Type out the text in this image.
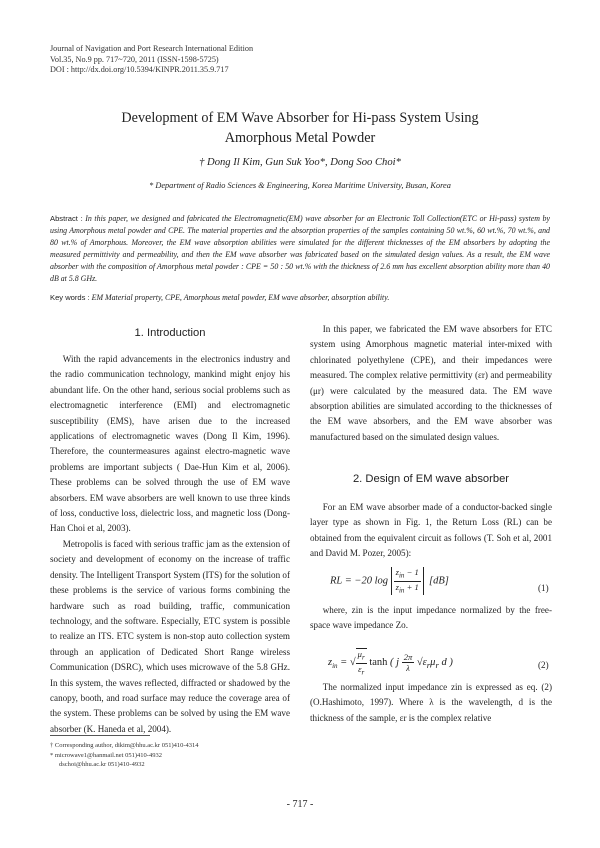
Journal of Navigation and Port Research International Edition
Vol.35, No.9 pp. 717~720, 2011 (ISSN-1598-5725)
DOI : http://dx.doi.org/10.5394/KINPR.2011.35.9.717
Development of EM Wave Absorber for Hi-pass System Using
Amorphous Metal Powder
† Dong Il Kim, Gun Suk Yoo*, Dong Soo Choi*
* Department of Radio Sciences & Engineering, Korea Maritime University, Busan, Korea
Abstract : In this paper, we designed and fabricated the Electromagnetic(EM) wave absorber for an Electronic Toll Collection(ETC or Hi-pass) system by using Amorphous metal powder and CPE. The material properties and the absorption properties of the samples containing 50 wt.%, 60 wt.%, 70 wt.%, and 80 wt.% of Amorphous. Moreover, the EM wave absorption abilities were simulated for the different thicknesses of the EM absorbers by adopting the measured permittivity and permeability, and then the EM wave absorber was fabricated based on the simulated design values. As a result, the EM wave absorber with the composition of Amorphous metal powder : CPE = 50 : 50 wt.% with the thickness of 2.6 mm has excellent absorption ability more than 40 dB at 5.8 GHz.
Key words : EM Material property, CPE, Amorphous metal powder, EM wave absorber, absorption ability.
1. Introduction

With the rapid advancements in the electronics industry and the radio communication technology, mankind might enjoy his abundant life. On the other hand, serious social problems such as electromagnetic interference (EMI) and electromagnetic susceptibility (EMS), have arisen due to the increased applications of electromagnetic waves (Dong Il Kim, 1996). Therefore, the countermeasures against electro-magnetic wave problems are important subjects ( Dae-Hun Kim et al, 2006). These problems can be solved through the use of EM wave absorbers. EM wave absorbers are well known to use three kinds of loss, conductive loss, dielectric loss, and magnetic loss (Dong-Han Choi et al, 2003).

Metropolis is faced with serious traffic jam as the extension of society and development of economy on the increase of traffic density. The Intelligent Transport System (ITS) for the solution of these problems is the service of various forms combining the hardware such as road building, traffic, communication technology, and the software. Especially, ETC system is possible to realize an ITS. ETC system is non-stop auto collection system through an application of Dedicated Short Range wireless Communication (DSRC), which uses microwave of the 5.8 GHz. In this system, the waves reflected, diffracted or shadowed by the canopy, booth, and road surface may reduce the coverage area of the system. These problems can be solved by using the EM wave absorber (K. Haneda et al, 2004).

In this paper, we fabricated the EM wave absorbers for ETC system using Amorphous magnetic material inter-mixed with chlorinated polyethylene (CPE), and their impedances were measured. The complex relative permittivity (εr) and permeability (μr) were calculated by the measured data. The EM wave absorption abilities are simulated according to the thicknesses of the EM wave absorbers, and the EM wave absorber was manufactured based on the simulated design values.

2. Design of EM wave absorber

For an EM wave absorber made of a conductor-backed single layer type as shown in Fig. 1, the Return Loss (RL) can be obtained from the equivalent circuit as follows (T. Soh et al, 2001 and David M. Pozer, 2005):

RL = −20 $\log \frac{z_{in} - 1}{z_{in} + 1} [dB]$
(1)

where, zin is the input impedance normalized by the free-space wave impedance Zo.

$z_{in}$ = √ $\frac{\mu_r}{\varepsilon_r}$ tanh ( j $\frac{2\pi}{\lambda} √\varepsilon_r\mu_r$ d )	(2)

The normalized input impedance zin is expressed as eq. (2) (O.Hashimoto, 1997). Where λ is the wavelength, d is the thickness of the sample, εr is the complex relative

† Corresponding author, dikim@hhu.ac.kr 051)410-4314
* microwave1@hanmail.net 051)410-4932
dschoi@hhu.ac.kr 051)410-4932
- 717 -
